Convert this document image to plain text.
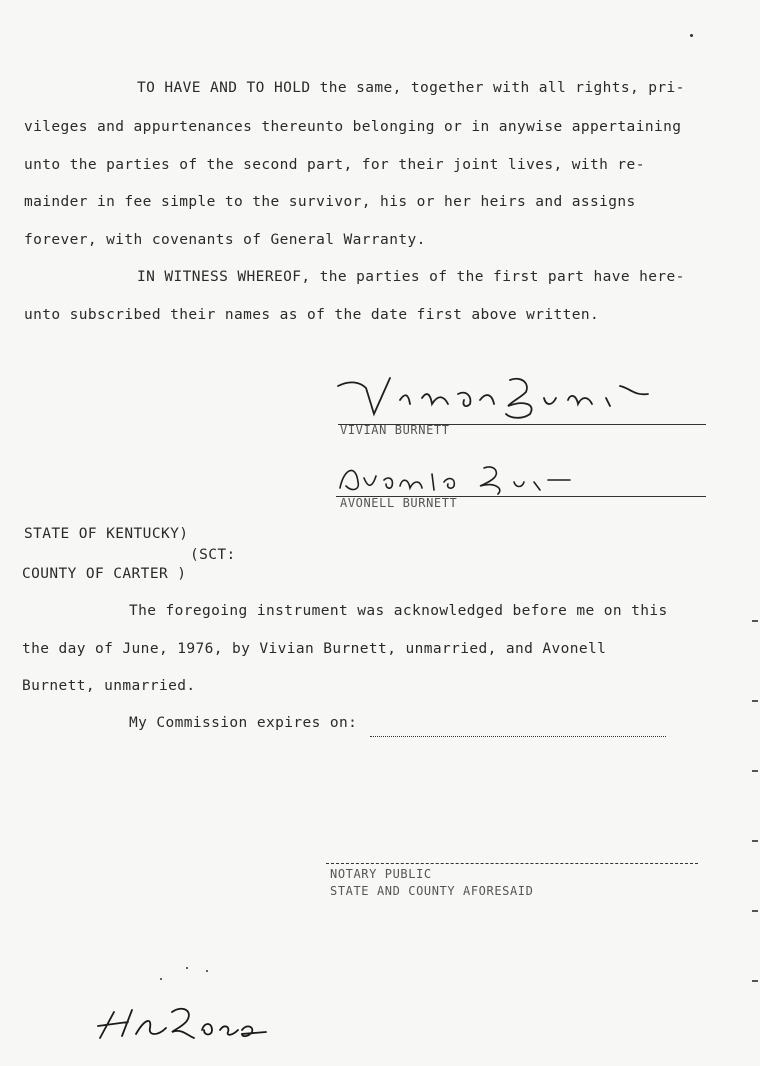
TO HAVE AND TO HOLD the same, together with all rights, pri-
vileges and appurtenances thereunto belonging or in anywise appertaining
unto the parties of the second part, for their joint lives, with re-
mainder in fee simple to the survivor, his or her heirs and assigns
forever, with covenants of General Warranty.
IN WITNESS WHEREOF, the parties of the first part have here-
unto subscribed their names as of the date first above written.
VIVIAN BURNETT
AVONELL BURNETT
STATE OF KENTUCKY)
(SCT:
COUNTY OF CARTER )
The foregoing instrument was acknowledged before me on this
the day of June, 1976, by Vivian Burnett, unmarried, and Avonell
Burnett, unmarried.
My Commission expires on:
NOTARY PUBLIC
STATE AND COUNTY AFORESAID
